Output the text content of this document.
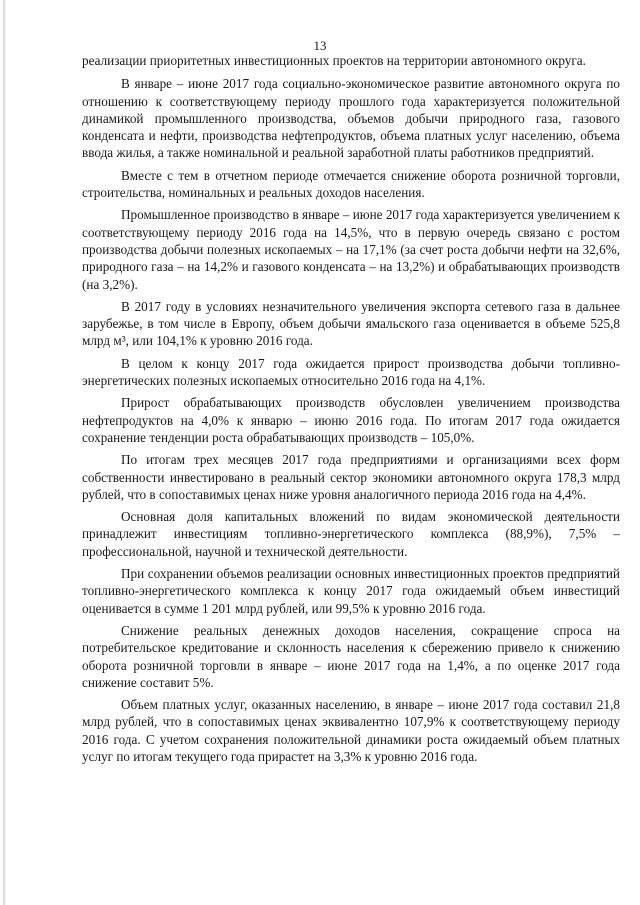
13

реализации приоритетных инвестиционных проектов на территории автономного округа.

В январе – июне 2017 года социально-экономическое развитие автономного округа по отношению к соответствующему периоду прошлого года характеризуется положительной динамикой промышленного производства, объемов добычи природного газа, газового конденсата и нефти, производства нефтепродуктов, объема платных услуг населению, объема ввода жилья, а также номинальной и реальной заработной платы работников предприятий.

Вместе с тем в отчетном периоде отмечается снижение оборота розничной торговли, строительства, номинальных и реальных доходов населения.

Промышленное производство в январе – июне 2017 года характеризуется увеличением к соответствующему периоду 2016 года на 14,5%, что в первую очередь связано с ростом производства добычи полезных ископаемых – на 17,1% (за счет роста добычи нефти на 32,6%, природного газа – на 14,2% и газового конденсата – на 13,2%) и обрабатывающих производств (на 3,2%).

В 2017 году в условиях незначительного увеличения экспорта сетевого газа в дальнее зарубежье, в том числе в Европу, объем добычи ямальского газа оценивается в объеме 525,8 млрд м³, или 104,1% к уровню 2016 года.

В целом к концу 2017 года ожидается прирост производства добычи топливно-энергетических полезных ископаемых относительно 2016 года на 4,1%.

Прирост обрабатывающих производств обусловлен увеличением производства нефтепродуктов на 4,0% к январю – июню 2016 года. По итогам 2017 года ожидается сохранение тенденции роста обрабатывающих производств – 105,0%.

По итогам трех месяцев 2017 года предприятиями и организациями всех форм собственности инвестировано в реальный сектор экономики автономного округа 178,3 млрд рублей, что в сопоставимых ценах ниже уровня аналогичного периода 2016 года на 4,4%.

Основная доля капитальных вложений по видам экономической деятельности принадлежит инвестициям топливно-энергетического комплекса (88,9%), 7,5% – профессиональной, научной и технической деятельности.

При сохранении объемов реализации основных инвестиционных проектов предприятий топливно-энергетического комплекса к концу 2017 года ожидаемый объем инвестиций оценивается в сумме 1 201 млрд рублей, или 99,5% к уровню 2016 года.

Снижение реальных денежных доходов населения, сокращение спроса на потребительское кредитование и склонность населения к сбережению привело к снижению оборота розничной торговли в январе – июне 2017 года на 1,4%, а по оценке 2017 года снижение составит 5%.

Объем платных услуг, оказанных населению, в январе – июне 2017 года составил 21,8 млрд рублей, что в сопоставимых ценах эквивалентно 107,9% к соответствующему периоду 2016 года. С учетом сохранения положительной динамики роста ожидаемый объем платных услуг по итогам текущего года прирастет на 3,3% к уровню 2016 года.
